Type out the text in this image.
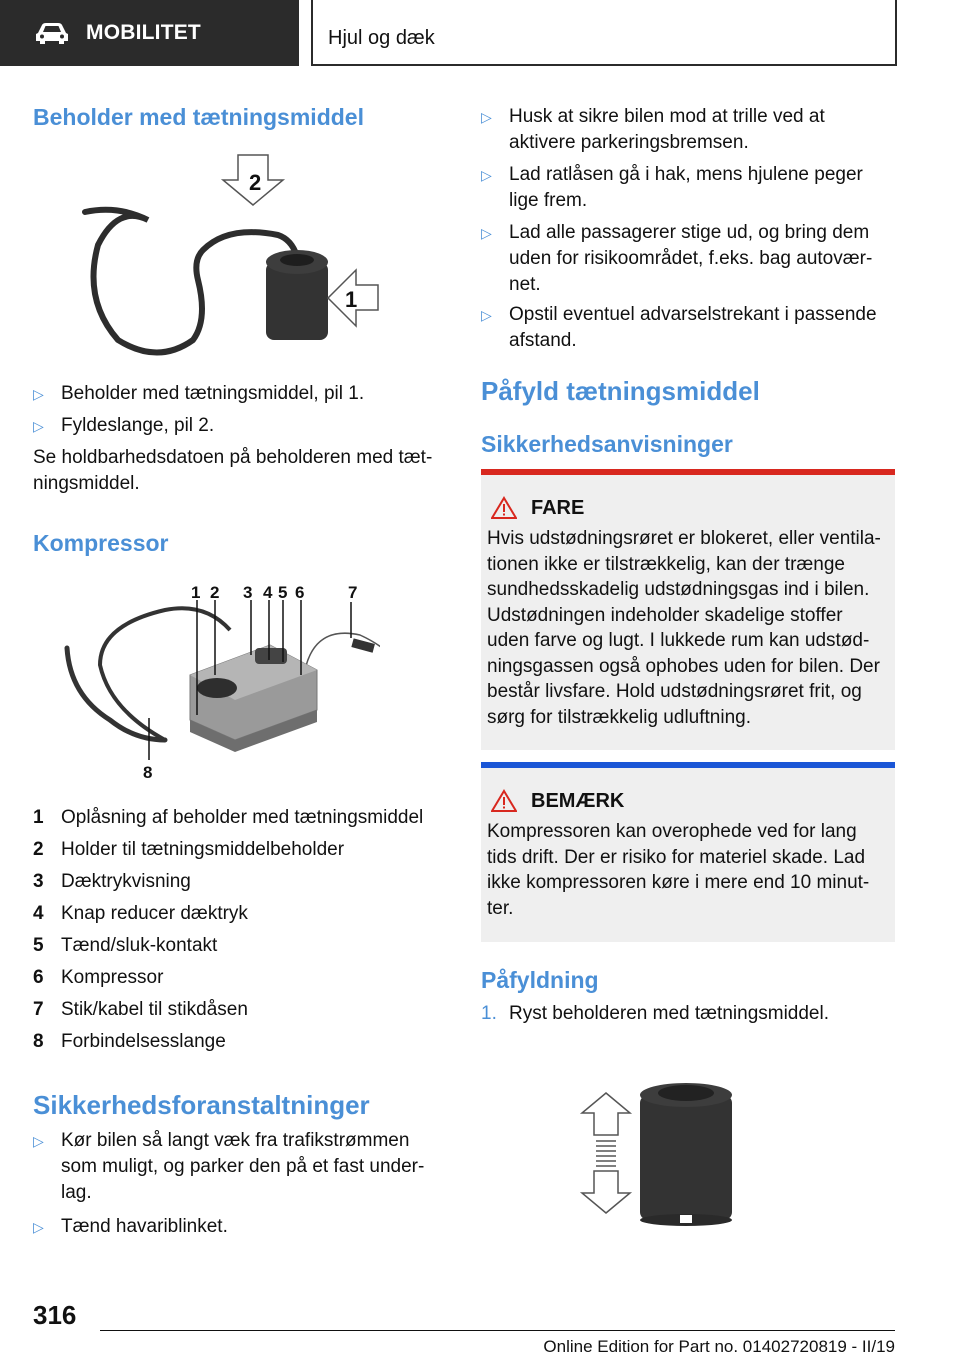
MOBILITET	Hjul og dæk
Beholder med tætningsmiddel
2
1
▷ Beholder med tætningsmiddel, pil 1.
▷ Fyldeslange, pil 2.

Se holdbarhedsdatoen på beholderen med tæt-ningsmiddel.

Kompressor
1 2 3 4 5 6	7
8
1 Oplåsning af beholder med tætningsmiddel
2 Holder til tætningsmiddelbeholder
3 Dæktrykvisning
4 Knap reducer dæktryk
5 Tænd/sluk-kontakt
6 Kompressor
7 Stik/kabel til stikdåsen
8 Forbindelsesslange
Sikkerhedsforanstaltninger
▷ Kør bilen så langt væk fra trafikstrømmen som muligt, og parker den på et fast under-lag.
▷ Tænd havariblinket.
▷ Husk at sikre bilen mod at trille ved at aktivere parkeringsbremsen.
▷ Lad ratlåsen gå i hak, mens hjulene peger lige frem.
▷ Lad alle passagerer stige ud, og bring dem uden for risikoområdet, f.eks. bag autovær-net.
▷ Opstil eventuel advarselstrekant i passende afstand.
Påfyld tætningsmiddel
Sikkerhedsanvisninger
FARE
Hvis udstødningsrøret er blokeret, eller ventila-tionen ikke er tilstrækkelig, kan der trænge sundhedsskadelig udstødningsgas ind i bilen. Udstødningen indeholder skadelige stoffer uden farve og lugt. I lukkede rum kan udstød-ningsgassen også ophobes uden for bilen. Der består livsfare. Hold udstødningsrøret frit, og sørg for tilstrækkelig udluftning.
BEMÆRK
Kompressoren kan overophede ved for lang tids drift. Der er risiko for materiel skade. Lad ikke kompressoren køre i mere end 10 minut-ter.
Påfyldning
1. Ryst beholderen med tætningsmiddel.
316
Online Edition for Part no. 01402720819 - II/19
